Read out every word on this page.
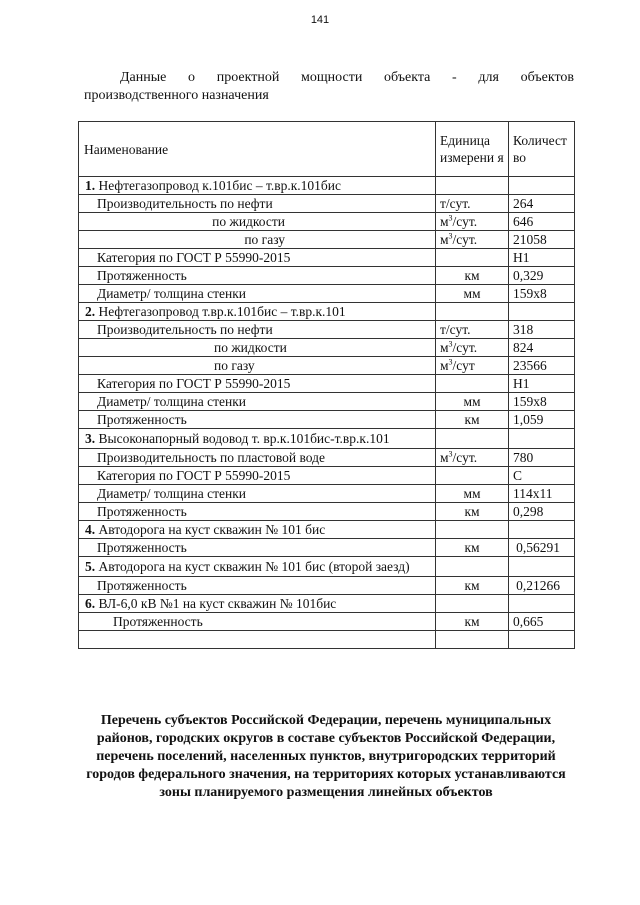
141
Данные о проектной мощности объекта - для объектов
производственного назначения
Наименование	Единица измерени я	Количест во
1. Нефтегазопровод к.101бис – т.вр.к.101бис		
Производительность по нефти	т/сут.	264
по жидкости	$м^3$/сут.	646
по газу	$м^3$/сут.	21058
Категория по ГОСТ Р 55990-2015		Н1
Протяженность	км	0,329
Диаметр/ толщина стенки	мм	159х8
2. Нефтегазопровод т.вр.к.101бис – т.вр.к.101		
Производительность по нефти	т/сут.	318
по жидкости	$м^3$/сут.	824
по газу	$м^3$/сут	23566
Категория по ГОСТ Р 55990-2015		Н1
Диаметр/ толщина стенки	мм	159х8
Протяженность	км	1,059
3. Высоконапорный водовод т. вр.к.101бис-т.вр.к.101		
Производительность по пластовой воде	$м^3$/сут.	780
Категория по ГОСТ Р 55990-2015		С
Диаметр/ толщина стенки	мм	114х11
Протяженность	км	0,298
4. Автодорога на куст скважин № 101 бис		
Протяженность	км	0,56291
5. Автодорога на куст скважин № 101 бис (второй заезд)		
Протяженность	км	0,21266
6. ВЛ-6,0 кВ №1 на куст скважин № 101бис		
Протяженность	км	0,665

Перечень субъектов Российской Федерации, перечень муниципальных районов, городских округов в составе субъектов Российской Федерации, перечень поселений, населенных пунктов, внутригородских территорий городов федерального значения, на территориях которых устанавливаются зоны планируемого размещения линейных объектов
